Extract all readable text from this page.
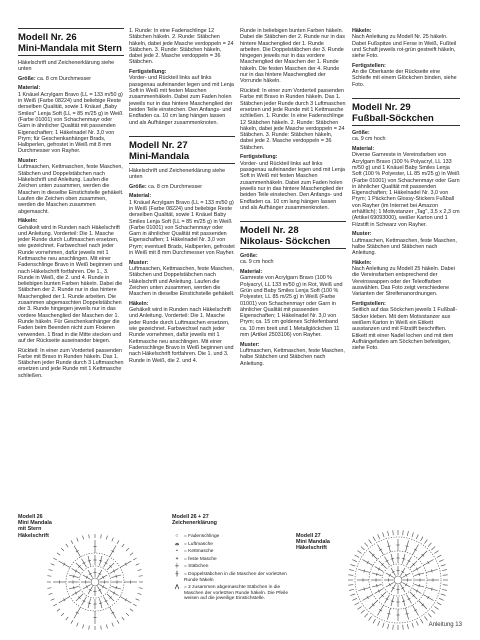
Modell Nr. 26
Mini-Mandala mit Stern

Häkelschrift und Zeichenerklärung siehe unten

Größe: ca. 8 cm Durchmesser

Material:
1 Knäuel Acrylgarn Bravo (LL = 133 m/50 g) in Weiß (Farbe 08224) und beliebige Reste derselben Qualität, sowie 1 Knäuel „Baby Smiles" Lenja Soft (LL = 85 m/25 g) in Weiß (Farbe 01001) von Schachenmayr oder Garn in ähnlicher Qualität mit passenden Eigenschaften; 1 Häkelnadel Nr. 3,0 von Prym; für Geschenkanhänger Brads, Halbperlen, gefrostet in Weiß mit 8 mm Durchmesser von Rayher.

Muster:
Luftmaschen, Kettmaschen, feste Maschen, Stäbchen und Doppelstäbchen nach Häkelschrift und Anleitung. Laufen die Zeichen unten zusammen, werden die Maschen in dieselbe Einstichstelle gehäkelt. Laufen die Zeichen oben zusammen, werden die Maschen zusammen abgemascht.

Häkeln:
Gehäkelt wird in Runden nach Häkelschrift und Anleitung. Vorderteil: Die 1. Masche jeder Runde durch Luftmaschen ersetzen, wie gezeichnet. Farbwechsel nach jeder Runde vornehmen, dafür jeweils mit 1 Kettmasche neu anschlingen. Mit einer Fadenschlinge Bravo in Weiß beginnen und nach Häkelschrift fortfahren. Die 1., 3. Runde in Weiß, die 2. und 4. Runde in beliebigen bunten Farben häkeln. Dabei die Stäbchen der 2. Runde nur in das hintere Maschenglied der 1. Runde arbeiten. Die zusammen abgemaschten Doppelstäbchen der 3. Runde hingegen jeweils nur in das vordere Maschenglied der Maschen der 1. Runde häkeln. Für Geschenkanhänger die Faden beim Beenden nicht zum Fixieren verwenden. 1 Brad in die Mitte stecken und auf der Rückseite auseinander biegen.

Rückteil: In einer zum Vorderteil passenden Farbe mit Bravo in Runden häkeln. Das 1. Stäbchen jeder Runde durch 3 Luftmaschen ersetzen und jede Runde mit 1 Kettmasche schließen.

1. Runde: In eine Fadenschlinge 12 Stäbchen häkeln. 2. Runde: Stäbchen häkeln, dabei jede Masche verdoppeln = 24 Stäbchen. 3. Runde: Stäbchen häkeln, dabei jede 2. Masche verdoppeln = 36 Stäbchen.

Fertigstellung:
Vorder- und Rückteil links auf links passgenau aufeinander legen und mit Lenja Soft in Weiß mit festen Maschen zusammenhäkeln. Dabei zum Faden holen jeweils nur in das hintere Maschenglied der beiden Teile einstechen. Den Anfangs- und Endfaden ca. 10 cm lang hängen lassen und als Aufhänger zusammenknoten.

Modell Nr. 27
Mini-Mandala

Häkelschrift und Zeichenerklärung siehe unten

Größe: ca. 8 cm Durchmesser

Material:
1 Knäuel Acrylgarn Bravo (LL = 133 m/50 g) in Weiß (Farbe 08224) und beliebige Reste derselben Qualität, sowie 1 Knäuel Baby Smiles Lenja Soft (LL = 85 m/25 g) in Weiß (Farbe 01001) von Schachenmayr oder Garn in ähnlicher Qualität mit passenden Eigenschaften; 1 Häkelnadel Nr. 3,0 von Prym; eventuell Brads, Halbperlen, gefrostet in Weiß mit 8 mm Durchmesser von Rayher.

Muster:
Luftmaschen, Kettmaschen, feste Maschen, Stäbchen und Doppelstäbchen nach Häkelschrift und Anleitung. Laufen die Zeichen unten zusammen, werden die Maschen in dieselbe Einstichstelle gehäkelt.

Häkeln:
Gehäkelt wird in Runden nach Häkelschrift und Anleitung. Vorderteil: Die 1. Masche jeder Runde durch Luftmaschen ersetzen, wie gezeichnet. Farbwechsel nach jeder Runde vornehmen, dafür jeweils mit 1 Kettmasche neu anschlingen. Mit einer Fadenschlinge Bravo in Weiß beginnen und nach Häkelschrift fortfahren. Die 1. und 3. Runde in Weiß, die 2. und 4.

Runde in beliebigen bunten Farben häkeln. Dabei die Stäbchen der 2. Runde nur in das hintere Maschenglied der 1. Runde arbeiten. Die Doppelstäbchen der 3. Runde hingegen jeweils nur in das vordere Maschenglied der Maschen der 1. Runde häkeln. Die festen Maschen der 4. Runde nur in das hintere Maschenglied der Vorrunde häkeln.

Rückteil: In einer zum Vorderteil passenden Farbe mit Bravo in Runden häkeln. Das 1. Stäbchen jeder Runde durch 3 Luftmaschen ersetzen und jede Runde mit 1 Kettmasche schließen. 1. Runde: In eine Fadenschlinge 12 Stäbchen häkeln. 2. Runde: Stäbchen häkeln, dabei jede Masche verdoppeln = 24 Stäbchen. 3. Runde: Stäbchen häkeln, dabei jede 2. Masche verdoppeln = 36 Stäbchen.

Fertigstellung:
Vorder- und Rückteil links auf links passgenau aufeinander legen und mit Lenja Soft in Weiß mit festen Maschen zusammenhäkeln. Dabei zum Faden holen jeweils nur in das hintere Maschenglied der beiden Teile einstechen. Den Anfangs- und Endfaden ca. 10 cm lang hängen lassen und als Aufhänger zusammenknoten.

Modell Nr. 28
Nikolaus- Söckchen

Größe:
ca. 9 cm hoch

Material:
Gamreste von Acrylgarn Bravo (100 % Polyacryl, LL 133 m/50 g) in Rot, Weiß und Grün und Baby Smiles Lenja Soft (100 % Polyester, LL 85 m/25 g) in Weiß (Farbe 01001) von Schachenmayr oder Garn in ähnlicher Qualität mit passenden Eigenschaften; 1 Häkelnadel Nr. 3,0 von Prym; ca. 15 cm goldenes Schleifenband ca. 10 mm breit und 1 Metallglöckchen 11 mm (Artikel 2503106) von Rayher.

Muster:
Luftmaschen, Kettmaschen, feste Maschen, halbe Stäbchen und Stäbchen nach Anleitung.

Häkeln:
Nach Anleitung zu Modell Nr. 25 häkeln. Dabei Fußspitze und Ferse in Weiß, Fußteil und Schaft jeweils rot-grün gestreift häkeln, siehe Foto.

Fertigstellen:
An die Oberkante der Rückseite eine Schleife mit einem Glöckchen binden, siehe Foto.

Modell Nr. 29
Fußball-Söckchen

Größe:
ca. 9 cm hoch

Material:
Diverse Garnreste in Vereinsfarben von Acrylgarn Bravo (100 % Polyacryl, LL 133 m/50 g) und 1 Knäuel Baby Smiles Lenja Soft (100 % Polyester, LL 85 m/25 g) in Weiß (Farbe 01001) von Schachenmayr oder Garn in ähnlicher Qualität mit passenden Eigenschaften; 1 Häkelnadel Nr. 3,0 von Prym; 1 Päckchen Glossy-Stickers Fußball von Rayher (im Internet bei Amazon erhältlich); 1 Motivstanzer „Tag", 3,5 x 2,3 cm (Artikel 69093000), weißer Karton und 1 Filzstift in Schwarz von Rayher.

Muster:
Luftmaschen, Kettmaschen, feste Maschen, halbe Stäbchen und Stäbchen nach Anleitung.

Häkeln:
Nach Anleitung zu Modell 25 häkeln. Dabei die Vereinsfarben entsprechend der Vereinswappen oder der Teleoffarben auswählen. Das Foto zeigt verschiedene Varianten der Streifenanordnungen.

Fertigstellen:
Seitlich auf das Söckchen jeweils 1 Fußball-Sticker kleben. Mit dem Motivstanzer aus weißem Karton in Weiß ein Etikett ausstanzen und mit Filzstift beschriften. Etikett mit einer Nadel lochen und mit dem Aufhängefaden am Söckchen befestigen, siehe Foto.

Modell 26
Mini Mandala
mit Stern
Häkelschrift
Modell 26 + 27
Zeichenerklärung
Modell 27
Mini Mandala
Häkelschrift
○	= Fadenschlinge
⌓	= Luftmasche
•	= Kettmasche
+	= feste Masche
╪	= Stäbchen
╫	= Doppelstäbchen in die Maschen der vorletzten Runde häkeln
⋀	= 2 zusammen abgemaschte Stäbchen in die Maschen der vorletzten Runde häkeln. Die Pfeile weisen auf die jeweilige Einstichstelle.
Anleitung 13
